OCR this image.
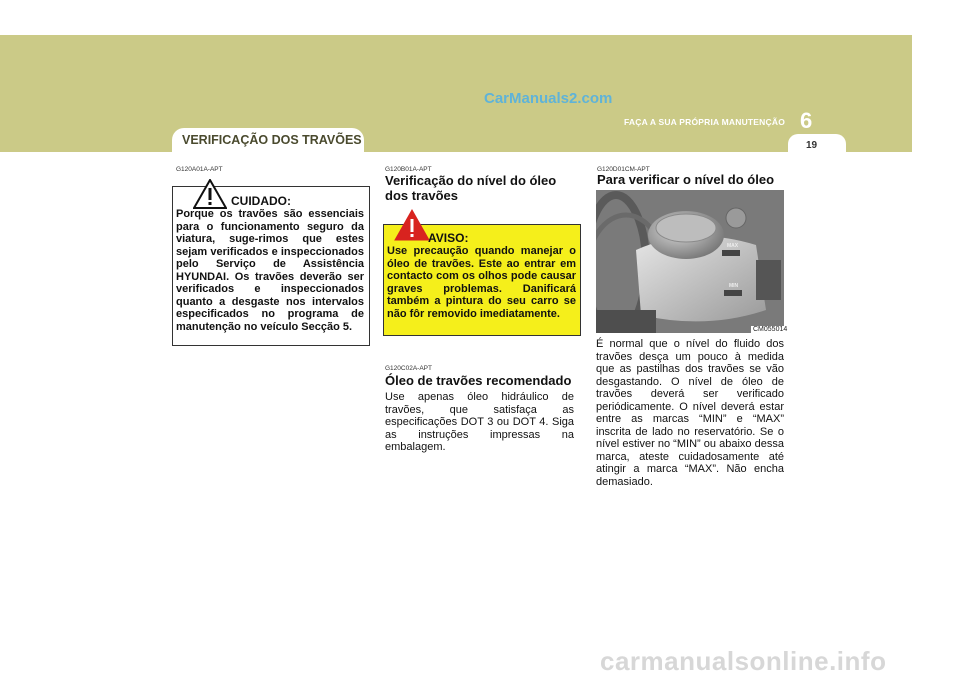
CarManuals2.com
VERIFICAÇÃO DOS TRAVÕES
6
FAÇA A SUA PRÓPRIA MANUTENÇÃO
19
G120A01A-APT
CUIDADO:
Porque os travões são essenciais para o funcionamento seguro da viatura, suge-rimos que estes sejam verificados e inspeccionados pelo Serviço de Assistência HYUNDAI. Os travões deverão ser verificados e inspeccionados quanto a desgaste nos intervalos especificados no programa de manutenção no veículo Secção 5.
G120B01A-APT
Verificação do nível do óleo dos travões
AVISO:
Use precaução quando manejar o óleo de travões. Este ao entrar em contacto com os olhos pode causar graves problemas. Danificará também a pintura do seu carro se não fôr removido imediatamente.
G120C02A-APT
Óleo de travões recomendado
Use apenas óleo hidráulico de travões, que satisfaça as especificações DOT 3 ou DOT 4. Siga as instruções impressas na embalagem.
G120D01CM-APT
Para verificar o nível do óleo
MAX
MIN
CM055014
É normal que o nível do fluido dos travões desça um pouco à medida que as pastilhas dos travões se vão desgastando. O nível de óleo de travões deverá ser verificado periódicamente. O nível deverá estar entre as marcas “MIN” e “MAX” inscrita de lado no reservatório. Se o nível estiver no “MIN” ou abaixo dessa marca, ateste cuidadosamente até atingir a marca “MAX”. Não encha demasiado.
carmanualsonline.info
